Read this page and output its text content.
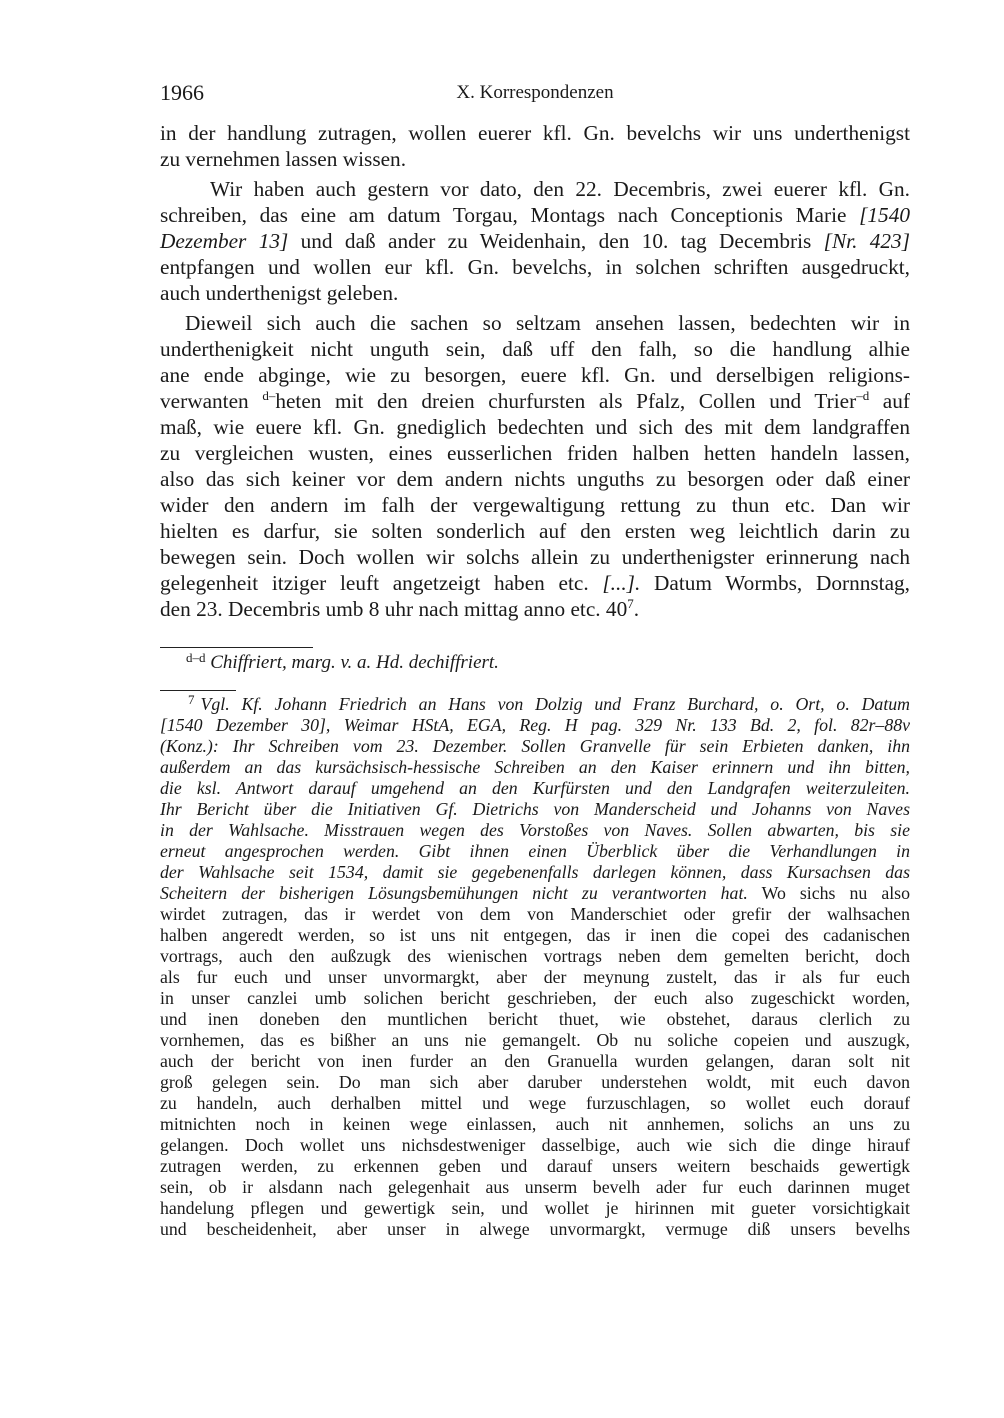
1966	X. Korrespondenzen

in der handlung zutragen, wollen euerer kfl. Gn. bevelchs wir uns underthenigst
zu vernehmen lassen wissen.

Wir haben auch gestern vor dato, den 22. Decembris, zwei euerer kfl. Gn.
schreiben, das eine am datum Torgau, Montags nach Conceptionis Marie [1540
Dezember 13] und daß ander zu Weidenhain, den 10. tag Decembris [Nr. 423]
entpfangen und wollen eur kfl. Gn. bevelchs, in solchen schriften ausgedruckt,
auch underthenigst geleben.

Dieweil sich auch die sachen so seltzam ansehen lassen, bedechten wir in
underthenigkeit nicht unguth sein, daß uff den falh, so die handlung alhie
ane ende abginge, wie zu besorgen, euere kfl. Gn. und derselbigen religions-
verwanten $^{d-}$heten mit den dreien churfursten als Pfalz, Collen und Trier$^{-d}$ auf
maß, wie euere kfl. Gn. gnediglich bedechten und sich des mit dem landgraffen
zu vergleichen wusten, eines eusserlichen friden halben hetten handeln lassen,
also das sich keiner vor dem andern nichts unguths zu besorgen oder daß einer
wider den andern im falh der vergewaltigung rettung zu thun etc. Dan wir
hielten es darfur, sie solten sonderlich auf den ersten weg leichtlich darin zu
bewegen sein. Doch wollen wir solchs allein zu underthenigster erinnerung nach
gelegenheit itziger leuft angetzeigt haben etc. [...]. Datum Wormbs, Dornnstag,
den 23. Decembris umb 8 uhr nach mittag anno etc. $40^7$.

$^{d-d}$ Chiffriert, marg. v. a. Hd. dechiffriert.
$^7$ Vgl. Kf. Johann Friedrich an Hans von Dolzig und Franz Burchard, o. Ort, o. Datum
[1540 Dezember 30], Weimar HStA, EGA, Reg. H pag. 329 Nr. 133 Bd. 2, fol. 82r–88v
(Konz.): Ihr Schreiben vom 23. Dezember. Sollen Granvelle für sein Erbieten danken, ihn
außerdem an das kursächsisch-hessische Schreiben an den Kaiser erinnern und ihn bitten,
die ksl. Antwort darauf umgehend an den Kurfürsten und den Landgrafen weiterzuleiten.
Ihr Bericht über die Initiativen Gf. Dietrichs von Manderscheid und Johanns von Naves
in der Wahlsache. Misstrauen wegen des Vorstoßes von Naves. Sollen abwarten, bis sie
erneut angesprochen werden. Gibt ihnen einen Überblick über die Verhandlungen in
der Wahlsache seit 1534, damit sie gegebenenfalls darlegen können, dass Kursachsen das
Scheitern der bisherigen Lösungsbemühungen nicht zu verantworten hat. Wo sichs nu also
wirdet zutragen, das ir werdet von dem von Manderschiet oder grefir der walhsachen
halben angeredt werden, so ist uns nit entgegen, das ir inen die copei des cadanischen
vortrags, auch den außzugk des wienischen vortrags neben dem gemelten bericht, doch
als fur euch und unser unvormargkt, aber der meynung zustelt, das ir als fur euch
in unser canzlei umb solichen bericht geschrieben, der euch also zugeschickt worden,
und inen doneben den muntlichen bericht thuet, wie obstehet, daraus clerlich zu
vornhemen, das es bißher an uns nie gemangelt. Ob nu soliche copeien und auszugk,
auch der bericht von inen furder an den Granuella wurden gelangen, daran solt nit
groß gelegen sein. Do man sich aber daruber understehen woldt, mit euch davon
zu handeln, auch derhalben mittel und wege furzuschlagen, so wollet euch dorauf
mitnichten noch in keinen wege einlassen, auch nit annhemen, solichs an uns zu
gelangen. Doch wollet uns nichsdestweniger dasselbige, auch wie sich die dinge hirauf
zutragen werden, zu erkennen geben und darauf unsers weitern beschaids gewertigk
sein, ob ir alsdann nach gelegenhait aus unserm bevelh ader fur euch darinnen muget
handelung pflegen und gewertigk sein, und wollet je hirinnen mit gueter vorsichtigkait
und bescheidenheit, aber unser in alwege unvormargkt, vermuge diß unsers bevelhs
